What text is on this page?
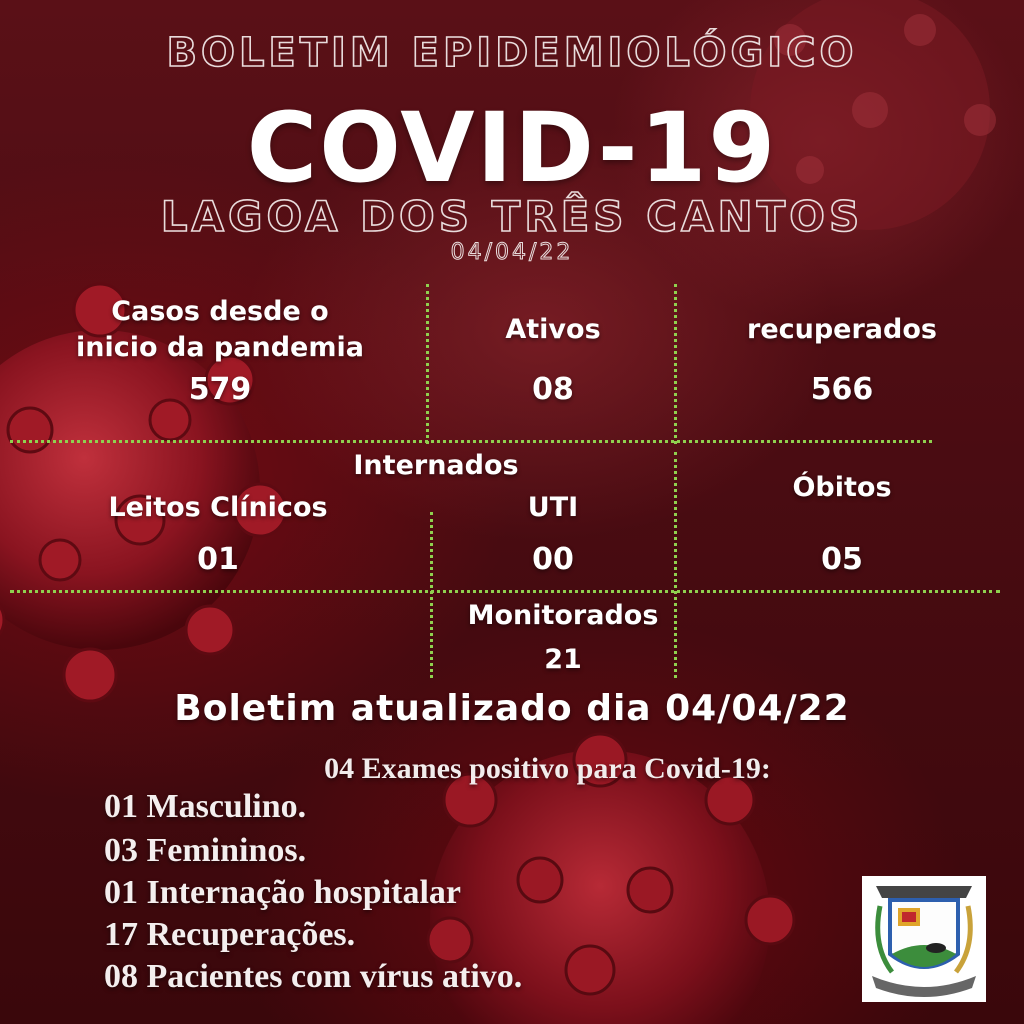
BOLETIM EPIDEMIOLÓGICO
COVID-19
LAGOA DOS TRÊS CANTOS
04/04/22
Casos desde o
inicio da pandemia
579
Ativos
08
recuperados
566
Internados
Leitos Clínicos
01
UTI
00
Óbitos
05
Monitorados
21
Boletim atualizado dia 04/04/22
04 Exames positivo para Covid-19:
01 Masculino.
03 Femininos.
01 Internação hospitalar
17 Recuperações.
08 Pacientes com vírus ativo.
